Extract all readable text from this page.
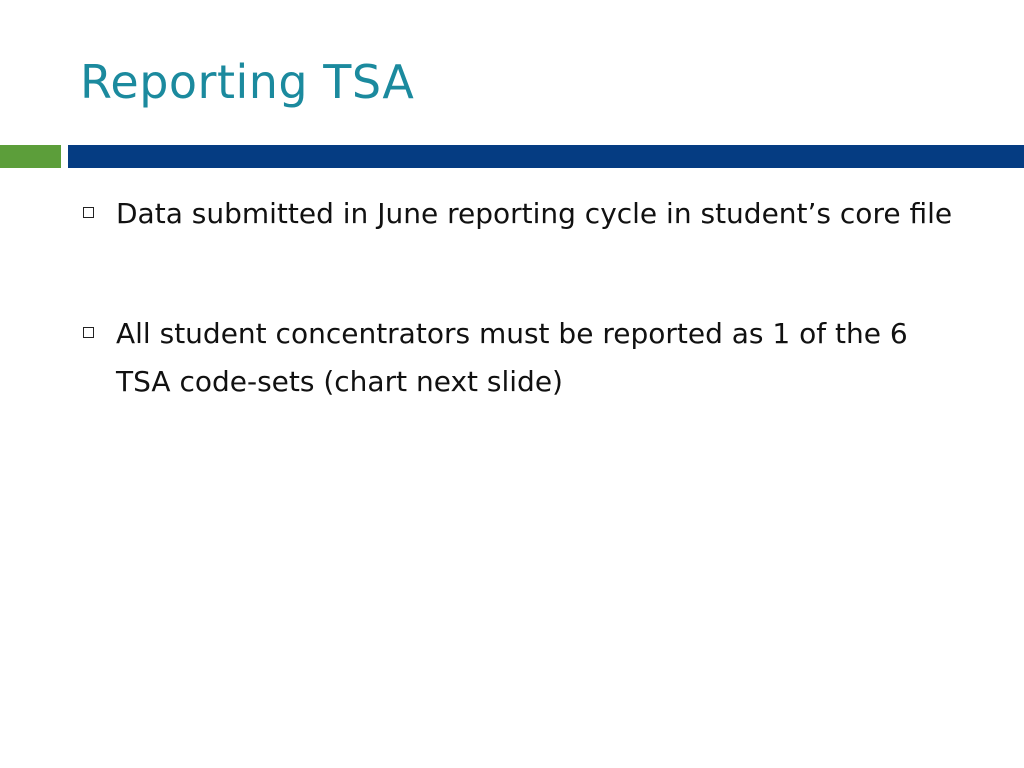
Reporting TSA
Data submitted in June reporting cycle in student’s core file
All student concentrators must be reported as 1 of the 6 TSA code-sets (chart next slide)
